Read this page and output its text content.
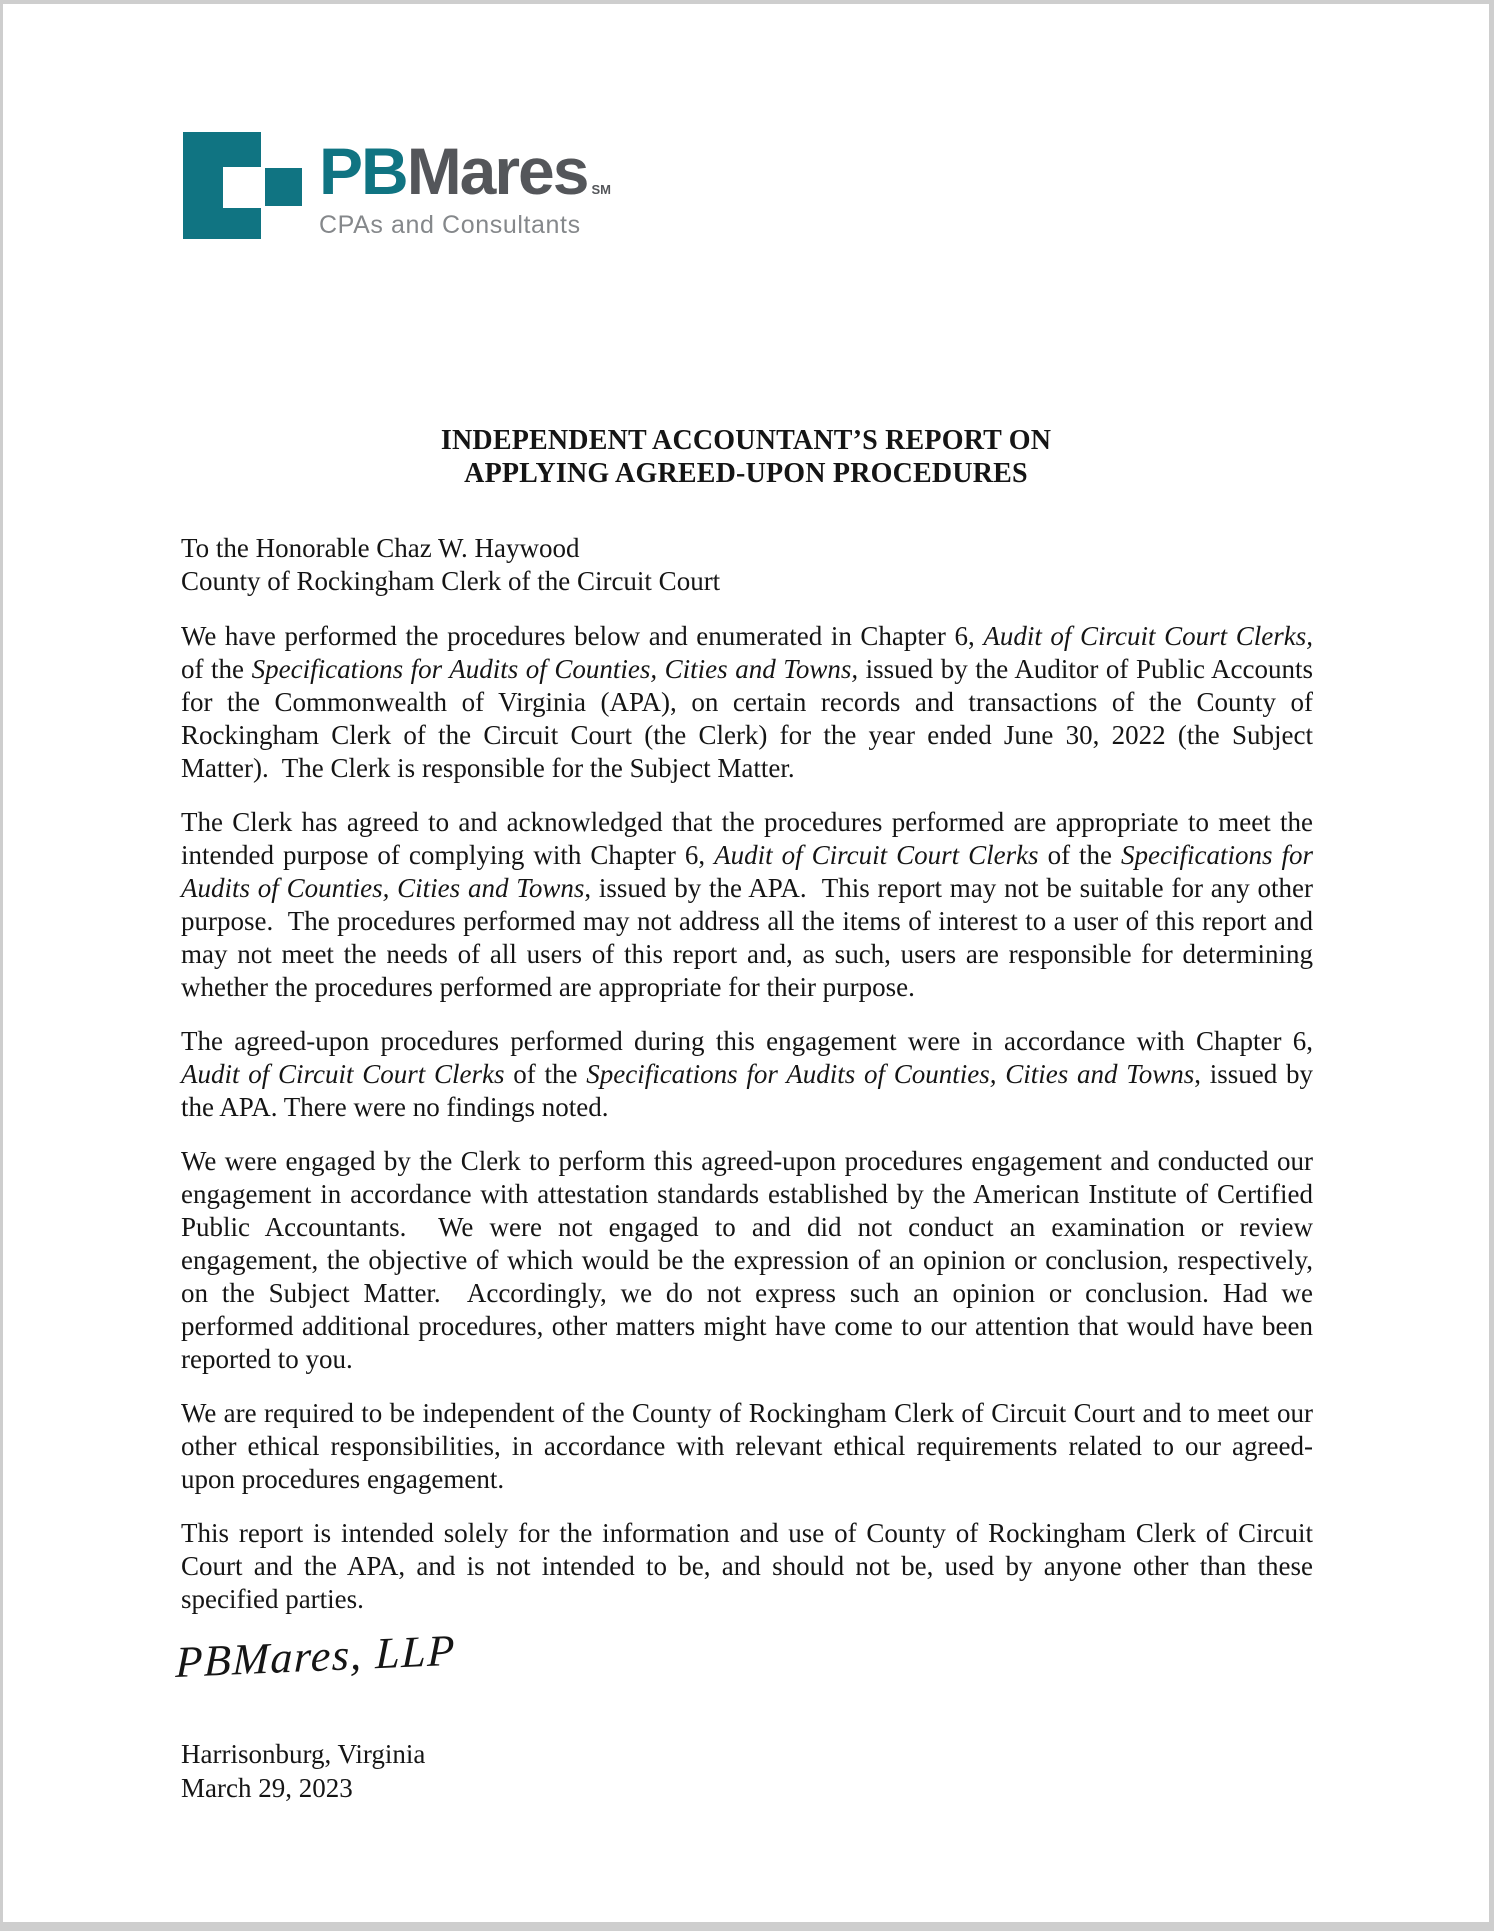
PBMares SM
CPAs and Consultants
INDEPENDENT ACCOUNTANT’S REPORT ON
APPLYING AGREED-UPON PROCEDURES
To the Honorable Chaz W. Haywood
County of Rockingham Clerk of the Circuit Court

We have performed the procedures below and enumerated in Chapter 6, Audit of Circuit Court Clerks, of the Specifications for Audits of Counties, Cities and Towns, issued by the Auditor of Public Accounts for the Commonwealth of Virginia (APA), on certain records and transactions of the County of Rockingham Clerk of the Circuit Court (the Clerk) for the year ended June 30, 2022 (the Subject Matter).  The Clerk is responsible for the Subject Matter.

The Clerk has agreed to and acknowledged that the procedures performed are appropriate to meet the intended purpose of complying with Chapter 6, Audit of Circuit Court Clerks of the Specifications for Audits of Counties, Cities and Towns, issued by the APA.  This report may not be suitable for any other purpose.  The procedures performed may not address all the items of interest to a user of this report and may not meet the needs of all users of this report and, as such, users are responsible for determining whether the procedures performed are appropriate for their purpose.

The agreed-upon procedures performed during this engagement were in accordance with Chapter 6, Audit of Circuit Court Clerks of the Specifications for Audits of Counties, Cities and Towns, issued by the APA. There were no findings noted.

We were engaged by the Clerk to perform this agreed-upon procedures engagement and conducted our engagement in accordance with attestation standards established by the American Institute of Certified Public Accountants.  We were not engaged to and did not conduct an examination or review engagement, the objective of which would be the expression of an opinion or conclusion, respectively, on the Subject Matter.  Accordingly, we do not express such an opinion or conclusion. Had we performed additional procedures, other matters might have come to our attention that would have been reported to you.

We are required to be independent of the County of Rockingham Clerk of Circuit Court and to meet our other ethical responsibilities, in accordance with relevant ethical requirements related to our agreed-upon procedures engagement.

This report is intended solely for the information and use of County of Rockingham Clerk of Circuit Court and the APA, and is not intended to be, and should not be, used by anyone other than these specified parties.

PBMares, LLP
Harrisonburg, Virginia
March 29, 2023
